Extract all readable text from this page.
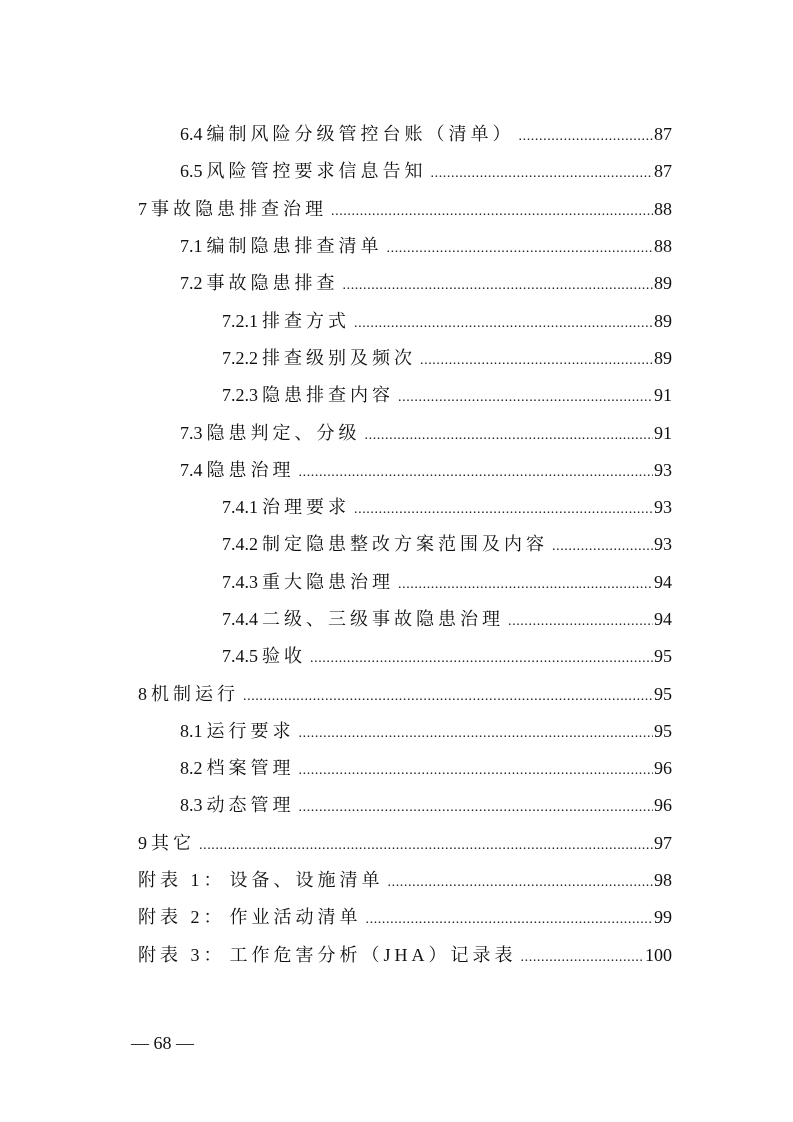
6.4 编制风险分级管控台账（清单） .....	87
6.5 风险管控要求信息告知 .....	87
7 事故隐患排查治理 .....	88
7.1 编制隐患排查清单 .....	88
7.2 事故隐患排查 .....	89
7.2.1 排查方式 .....	89
7.2.2 排查级别及频次 .....	89
7.2.3 隐患排查内容 .....	91
7.3 隐患判定、分级 .....	91
7.4 隐患治理 .....	93
7.4.1 治理要求 .....	93
7.4.2 制定隐患整改方案范围及内容 .....	93
7.4.3 重大隐患治理 .....	94
7.4.4 二级、三级事故隐患治理 .....	94
7.4.5 验收 .....	95
8 机制运行 .....	95
8.1 运行要求 .....	95
8.2 档案管理 .....	96
8.3 动态管理 .....	96
9 其它 .....	97
附表 1： 设备、设施清单 .....	98
附表 2： 作业活动清单 .....	99
附表 3： 工作危害分析（JHA）记录表 .....	100
— 68 —
